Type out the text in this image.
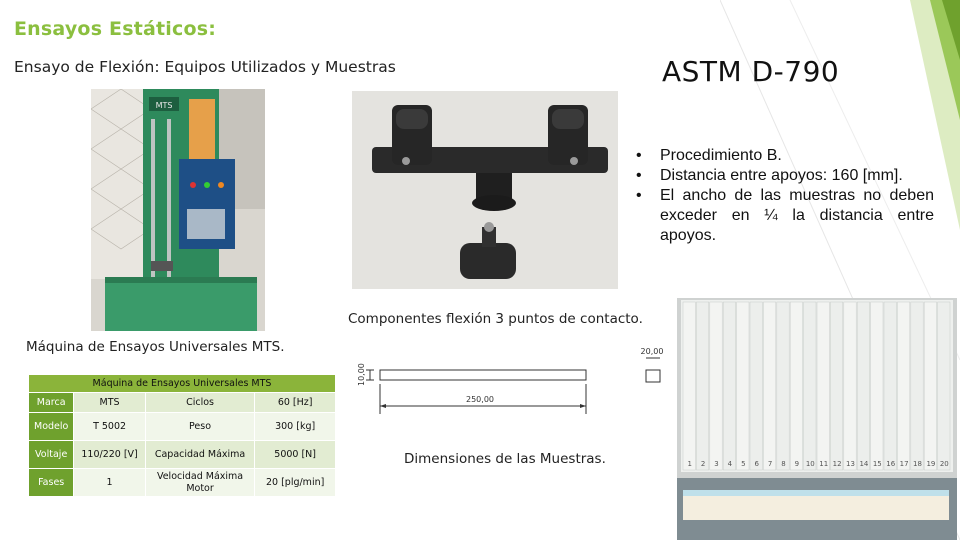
Ensayos Estáticos:
Ensayo de Flexión: Equipos Utilizados y Muestras	ASTM D-790
• Procedimiento B.
• Distancia entre apoyos: 160 [mm].
• El ancho de las muestras no deben exceder en ¼ la distancia entre apoyos.
MTS
Componentes flexión 3 puntos de contacto.
Máquina de Ensayos Universales MTS.
Máquina de Ensayos Universales MTS			
Marca	MTS	Ciclos	60 [Hz]
Modelo	T 5002	Peso	300 [kg]
Voltaje	110/220 [V]	Capacidad Máxima	5000 [N]
Fases	1	Velocidad Máxima Motor	20 [plg/min]
250,00
10,00
20,00
Dimensiones de las Muestras.	1 2 3 4 5 6 7 8 9 10 11 12 13 14 15 16 17 18 19 20
